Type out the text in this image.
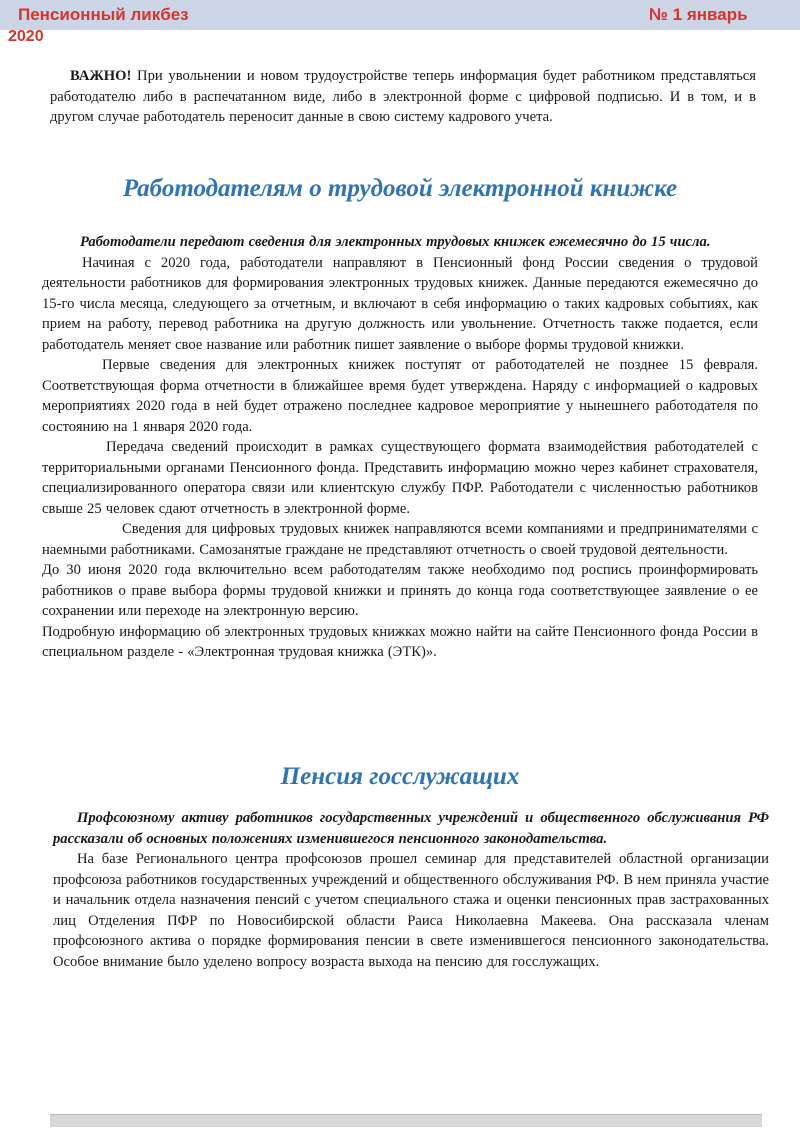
Пенсионный ликбез	№ 1 январь
2020

ВАЖНО! При увольнении и новом трудоустройстве теперь информация будет работником представляться работодателю либо в распечатанном виде, либо в электронной форме с цифровой подписью. И в том, и в другом случае работодатель переносит данные в свою систему кадрового учета.

Работодателям о трудовой электронной книжке

Работодатели передают сведения для электронных трудовых книжек ежемесячно до 15 числа.

Начиная с 2020 года, работодатели направляют в Пенсионный фонд России сведения о трудовой деятельности работников для формирования электронных трудовых книжек. Данные передаются ежемесячно до 15-го числа месяца, следующего за отчетным, и включают в себя информацию о таких кадровых событиях, как прием на работу, перевод работника на другую должность или увольнение. Отчетность также подается, если работодатель меняет свое название или работник пишет заявление о выборе формы трудовой книжки.

Первые сведения для электронных книжек поступят от работодателей не позднее 15 февраля. Соответствующая форма отчетности в ближайшее время будет утверждена. Наряду с информацией о кадровых мероприятиях 2020 года в ней будет отражено последнее кадровое мероприятие у нынешнего работодателя по состоянию на 1 января 2020 года.

Передача сведений происходит в рамках существующего формата взаимодействия работодателей с территориальными органами Пенсионного фонда. Представить информацию можно через кабинет страхователя, специализированного оператора связи или клиентскую службу ПФР. Работодатели с численностью работников свыше 25 человек сдают отчетность в электронной форме.

Сведения для цифровых трудовых книжек направляются всеми компаниями и предпринимателями с наемными работниками. Самозанятые граждане не представляют отчетность о своей трудовой деятельности.

До 30 июня 2020 года включительно всем работодателям также необходимо под роспись проинформировать работников о праве выбора формы трудовой книжки и принять до конца года соответствующее заявление о ее сохранении или переходе на электронную версию.

Подробную информацию об электронных трудовых книжках можно найти на сайте Пенсионного фонда России в специальном разделе - «Электронная трудовая книжка (ЭТК)».

Пенсия госслужащих

Профсоюзному активу работников государственных учреждений и общественного обслуживания РФ рассказали об основных положениях изменившегося пенсионного законодательства.

На базе Регионального центра профсоюзов прошел семинар для представителей областной организации профсоюза работников государственных учреждений и общественного обслуживания РФ. В нем приняла участие и начальник отдела назначения пенсий с учетом специального стажа и оценки пенсионных прав застрахованных лиц Отделения ПФР по Новосибирской области Раиса Николаевна Макеева. Она рассказала членам профсоюзного актива о порядке формирования пенсии в свете изменившегося пенсионного законодательства. Особое внимание было уделено вопросу возраста выхода на пенсию для госслужащих.
